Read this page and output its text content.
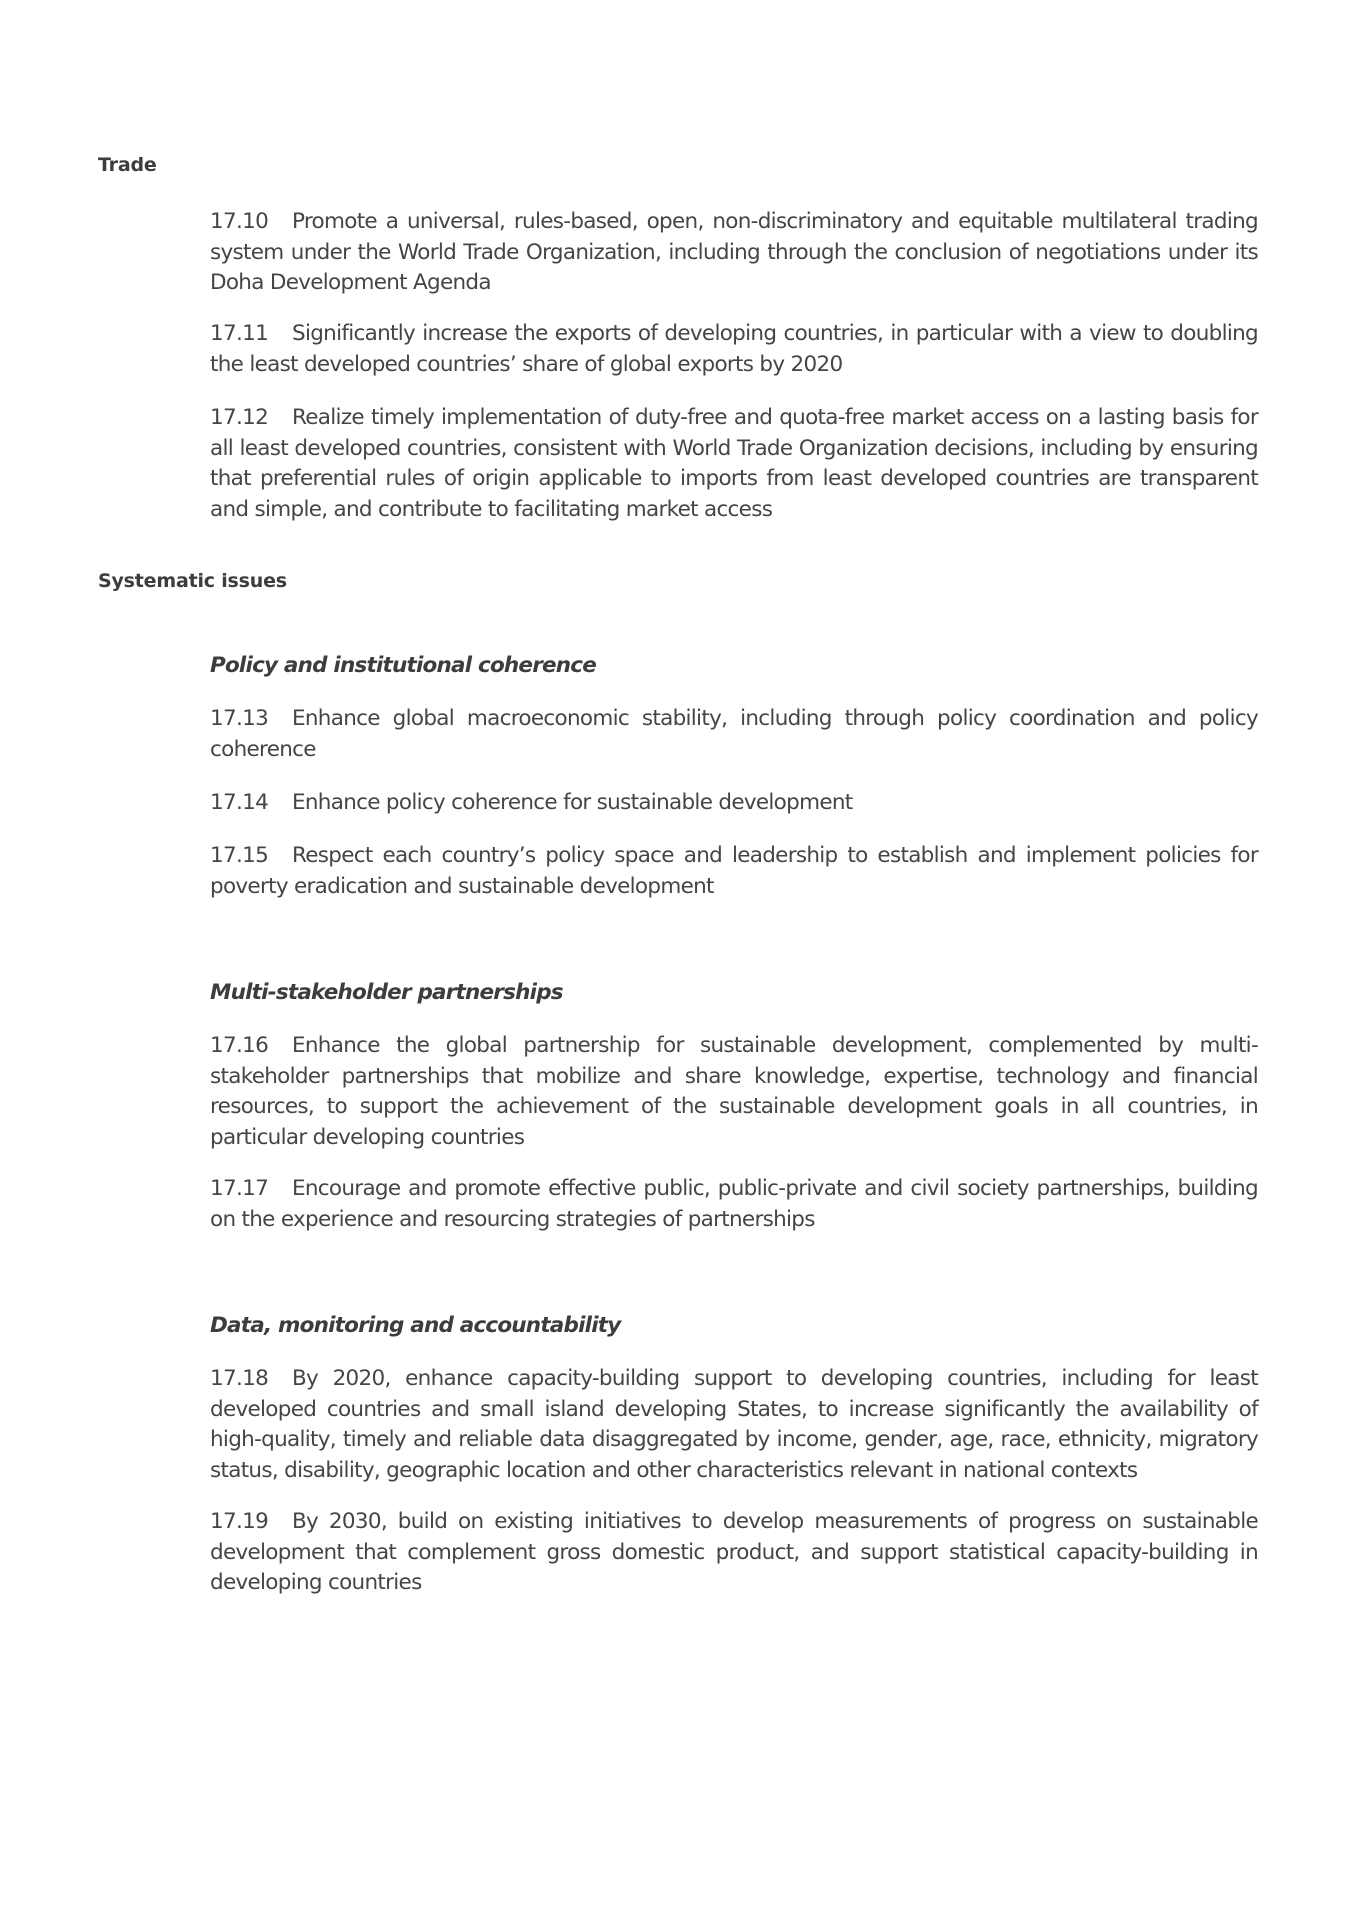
Trade

17.10 Promote a universal, rules-based, open, non-discriminatory and equitable multilateral trading system under the World Trade Organization, including through the conclusion of negotiations under its Doha Development Agenda

17.11 Significantly increase the exports of developing countries, in particular with a view to doubling the least developed countries’ share of global exports by 2020

17.12 Realize timely implementation of duty-free and quota-free market access on a lasting basis for all least developed countries, consistent with World Trade Organization decisions, including by ensuring that preferential rules of origin applicable to imports from least developed countries are transparent and simple, and contribute to facilitating market access

Systematic issues
Policy and institutional coherence

17.13 Enhance global macroeconomic stability, including through policy coordination and policy coherence

17.14 Enhance policy coherence for sustainable development

17.15 Respect each country’s policy space and leadership to establish and implement policies for poverty eradication and sustainable development

Multi-stakeholder partnerships

17.16 Enhance the global partnership for sustainable development, complemented by multi-stakeholder partnerships that mobilize and share knowledge, expertise, technology and financial resources, to support the achievement of the sustainable development goals in all countries, in particular developing countries

17.17 Encourage and promote effective public, public-private and civil society partnerships, building on the experience and resourcing strategies of partnerships

Data, monitoring and accountability

17.18 By 2020, enhance capacity-building support to developing countries, including for least developed countries and small island developing States, to increase significantly the availability of high-quality, timely and reliable data disaggregated by income, gender, age, race, ethnicity, migratory status, disability, geographic location and other characteristics relevant in national contexts

17.19 By 2030, build on existing initiatives to develop measurements of progress on sustainable development that complement gross domestic product, and support statistical capacity-building in developing countries
